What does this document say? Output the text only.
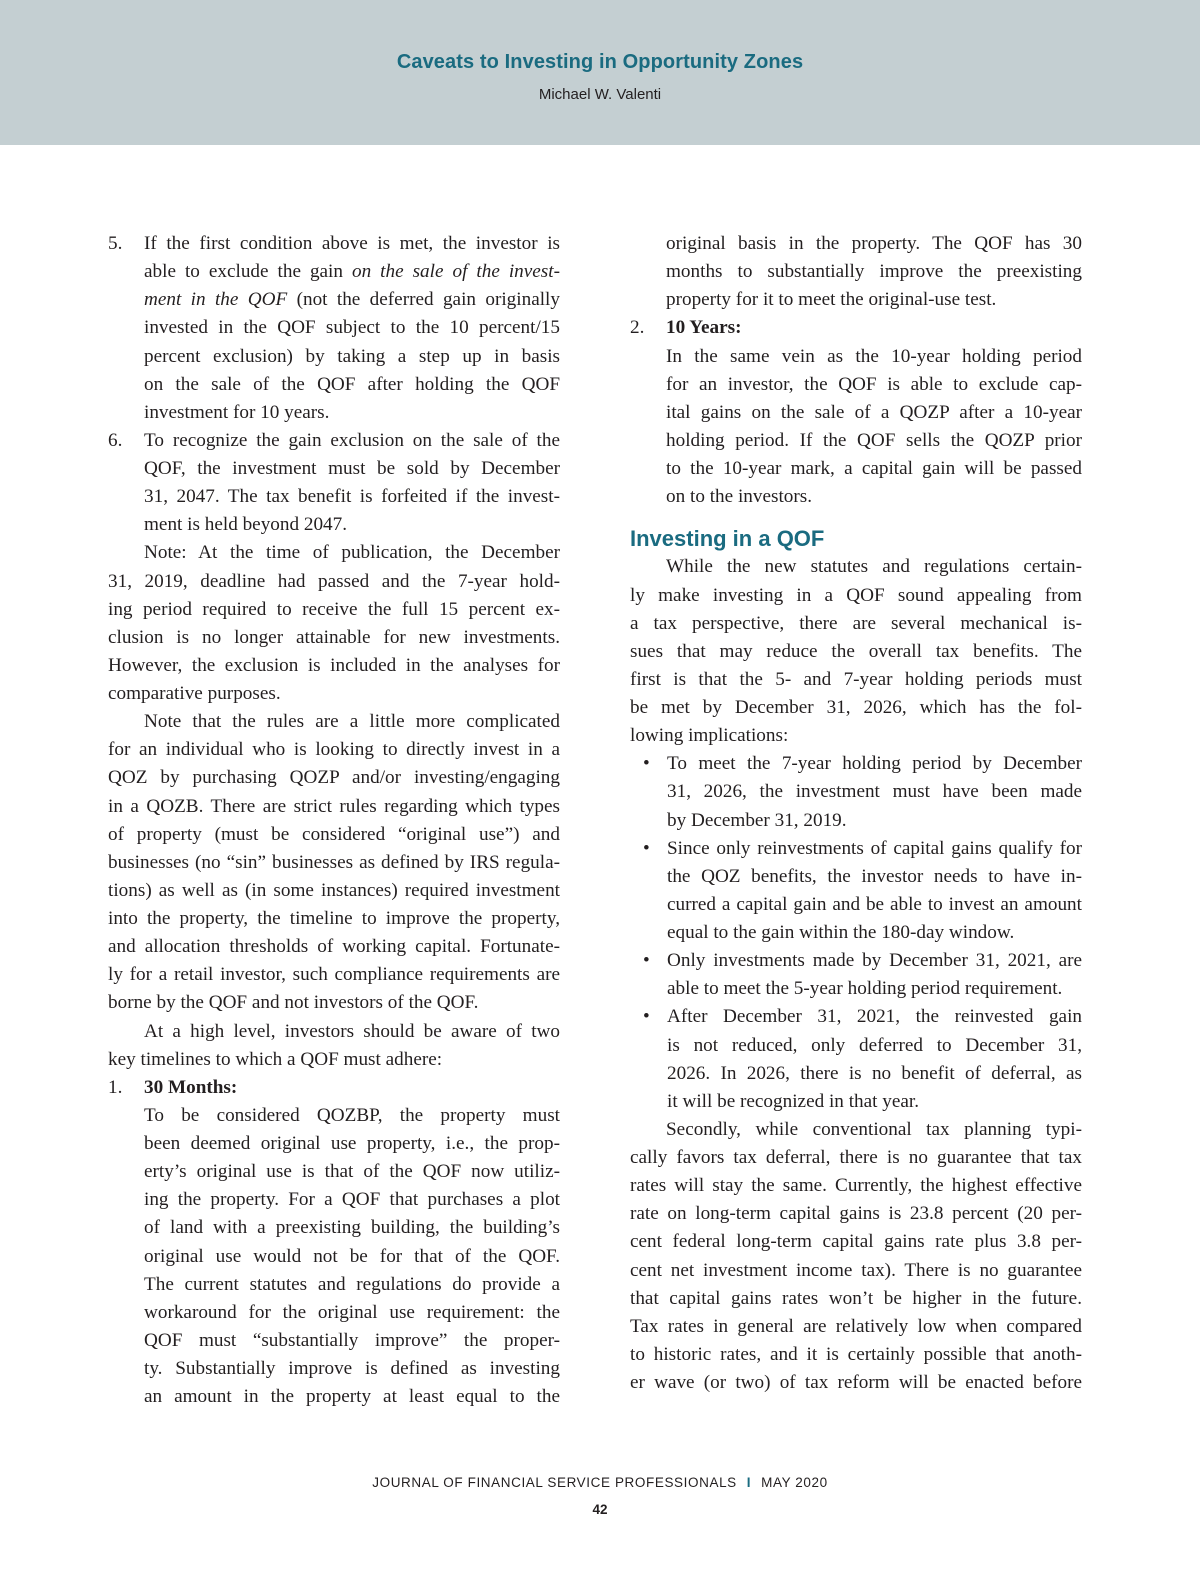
Caveats to Investing in Opportunity Zones
Michael W. Valenti
5. If the first condition above is met, the investor is
able to exclude the gain on the sale of the invest-
ment in the QOF (not the deferred gain originally
invested in the QOF subject to the 10 percent/15
percent exclusion) by taking a step up in basis
on the sale of the QOF after holding the QOF
investment for 10 years.
6. To recognize the gain exclusion on the sale of the
QOF, the investment must be sold by December
31, 2047. The tax benefit is forfeited if the invest-
ment is held beyond 2047.
Note: At the time of publication, the December
31, 2019, deadline had passed and the 7-year hold-
ing period required to receive the full 15 percent ex-
clusion is no longer attainable for new investments.
However, the exclusion is included in the analyses for
comparative purposes.
Note that the rules are a little more complicated
for an individual who is looking to directly invest in a
QOZ by purchasing QOZP and/or investing/engaging
in a QOZB. There are strict rules regarding which types
of property (must be considered “original use”) and
businesses (no “sin” businesses as defined by IRS regula-
tions) as well as (in some instances) required investment
into the property, the timeline to improve the property,
and allocation thresholds of working capital. Fortunate-
ly for a retail investor, such compliance requirements are
borne by the QOF and not investors of the QOF.
At a high level, investors should be aware of two
key timelines to which a QOF must adhere:
1. 30 Months:
To be considered QOZBP, the property must
been deemed original use property, i.e., the prop-
erty’s original use is that of the QOF now utiliz-
ing the property. For a QOF that purchases a plot
of land with a preexisting building, the building’s
original use would not be for that of the QOF.
The current statutes and regulations do provide a
workaround for the original use requirement: the
QOF must “substantially improve” the proper-
ty. Substantially improve is defined as investing
an amount in the property at least equal to the
original basis in the property. The QOF has 30
months to substantially improve the preexisting
property for it to meet the original-use test.
2. 10 Years:
In the same vein as the 10-year holding period
for an investor, the QOF is able to exclude cap-
ital gains on the sale of a QOZP after a 10-year
holding period. If the QOF sells the QOZP prior
to the 10-year mark, a capital gain will be passed
on to the investors.
Investing in a QOF
While the new statutes and regulations certain-
ly make investing in a QOF sound appealing from
a tax perspective, there are several mechanical is-
sues that may reduce the overall tax benefits. The
first is that the 5- and 7-year holding periods must
be met by December 31, 2026, which has the fol-
lowing implications:
• To meet the 7-year holding period by December
31, 2026, the investment must have been made
by December 31, 2019.
• Since only reinvestments of capital gains qualify for
the QOZ benefits, the investor needs to have in-
curred a capital gain and be able to invest an amount
equal to the gain within the 180-day window.
• Only investments made by December 31, 2021, are
able to meet the 5-year holding period requirement.
• After December 31, 2021, the reinvested gain
is not reduced, only deferred to December 31,
2026. In 2026, there is no benefit of deferral, as
it will be recognized in that year.
Secondly, while conventional tax planning typi-
cally favors tax deferral, there is no guarantee that tax
rates will stay the same. Currently, the highest effective
rate on long-term capital gains is 23.8 percent (20 per-
cent federal long-term capital gains rate plus 3.8 per-
cent net investment income tax). There is no guarantee
that capital gains rates won’t be higher in the future.
Tax rates in general are relatively low when compared
to historic rates, and it is certainly possible that anoth-
er wave (or two) of tax reform will be enacted before
JOURNAL OF FINANCIAL SERVICE PROFESSIONALS I MAY 2020
42
